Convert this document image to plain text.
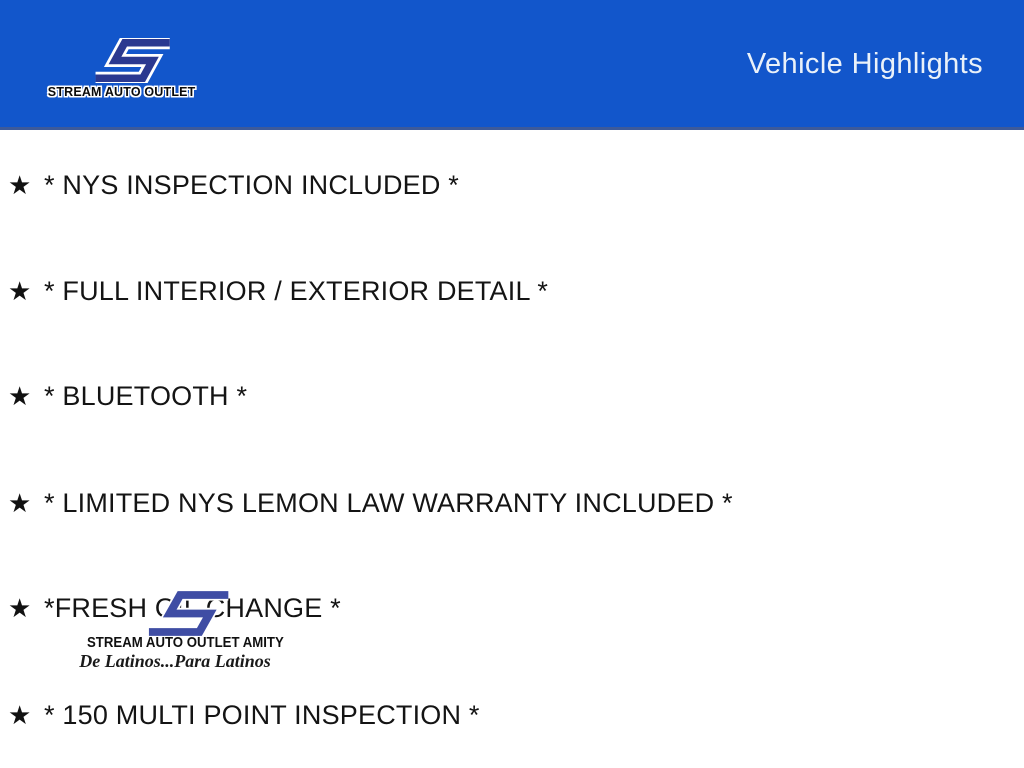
STREAM AUTO OUTLET
Vehicle Highlights
★ * NYS INSPECTION INCLUDED *
★ * FULL INTERIOR / EXTERIOR DETAIL *
★ * BLUETOOTH *
★ * LIMITED NYS LEMON LAW WARRANTY INCLUDED *
★ *FRESH OIL CHANGE *
★ * 150 MULTI POINT INSPECTION *
STREAM AUTO OUTLET AMITY
De Latinos...Para Latinos
